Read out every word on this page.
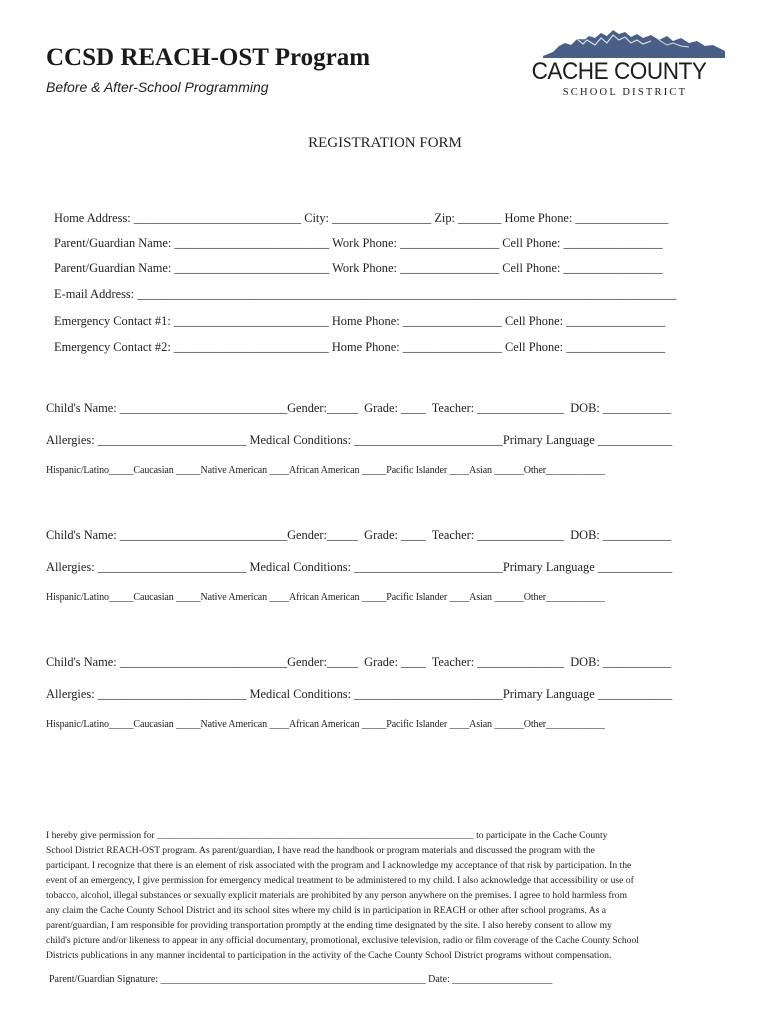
CCSD REACH-OST Program
Before & After-School Programming
CACHE COUNTY
SCHOOL DISTRICT
REGISTRATION FORM
Home Address: ___________________________ City: ________________ Zip: _______ Home Phone: _______________
Parent/Guardian Name: _________________________ Work Phone: ________________ Cell Phone: ________________
Parent/Guardian Name: _________________________ Work Phone: ________________ Cell Phone: ________________
E-mail Address: _______________________________________________________________________________________
Emergency Contact #1: _________________________ Home Phone: ________________ Cell Phone: ________________
Emergency Contact #2: _________________________ Home Phone: ________________ Cell Phone: ________________
Child's Name: ___________________________Gender:_____  Grade: ____  Teacher: ______________  DOB: ___________
Allergies: ________________________ Medical Conditions: ________________________Primary Language ____________
Hispanic/Latino_____Caucasian _____Native American ____African American _____Pacific Islander ____Asian ______Other____________
Child's Name: ___________________________Gender:_____  Grade: ____  Teacher: ______________  DOB: ___________
Allergies: ________________________ Medical Conditions: ________________________Primary Language ____________
Hispanic/Latino_____Caucasian _____Native American ____African American _____Pacific Islander ____Asian ______Other____________
Child's Name: ___________________________Gender:_____  Grade: ____  Teacher: ______________  DOB: ___________
Allergies: ________________________ Medical Conditions: ________________________Primary Language ____________
Hispanic/Latino_____Caucasian _____Native American ____African American _____Pacific Islander ____Asian ______Other____________
I hereby give permission for __________________________________________________________________ to participate in the Cache County
School District REACH-OST program. As parent/guardian, I have read the handbook or program materials and discussed the program with the
participant. I recognize that there is an element of risk associated with the program and I acknowledge my acceptance of that risk by participation. In the
event of an emergency, I give permission for emergency medical treatment to be administered to my child. I also acknowledge that accessibility or use of
tobacco, alcohol, illegal substances or sexually explicit materials are prohibited by any person anywhere on the premises. I agree to hold harmless from
any claim the Cache County School District and its school sites where my child is in participation in REACH or other after school programs. As a
parent/guardian, I am responsible for providing transportation promptly at the ending time designated by the site. I also hereby consent to allow my
child's picture and/or likeness to appear in any official documentary, promotional, exclusive television, radio or film coverage of the Cache County School
Districts publications in any manner incidental to participation in the activity of the Cache County School District programs without compensation.
Parent/Guardian Signature: _____________________________________________________ Date: ____________________
